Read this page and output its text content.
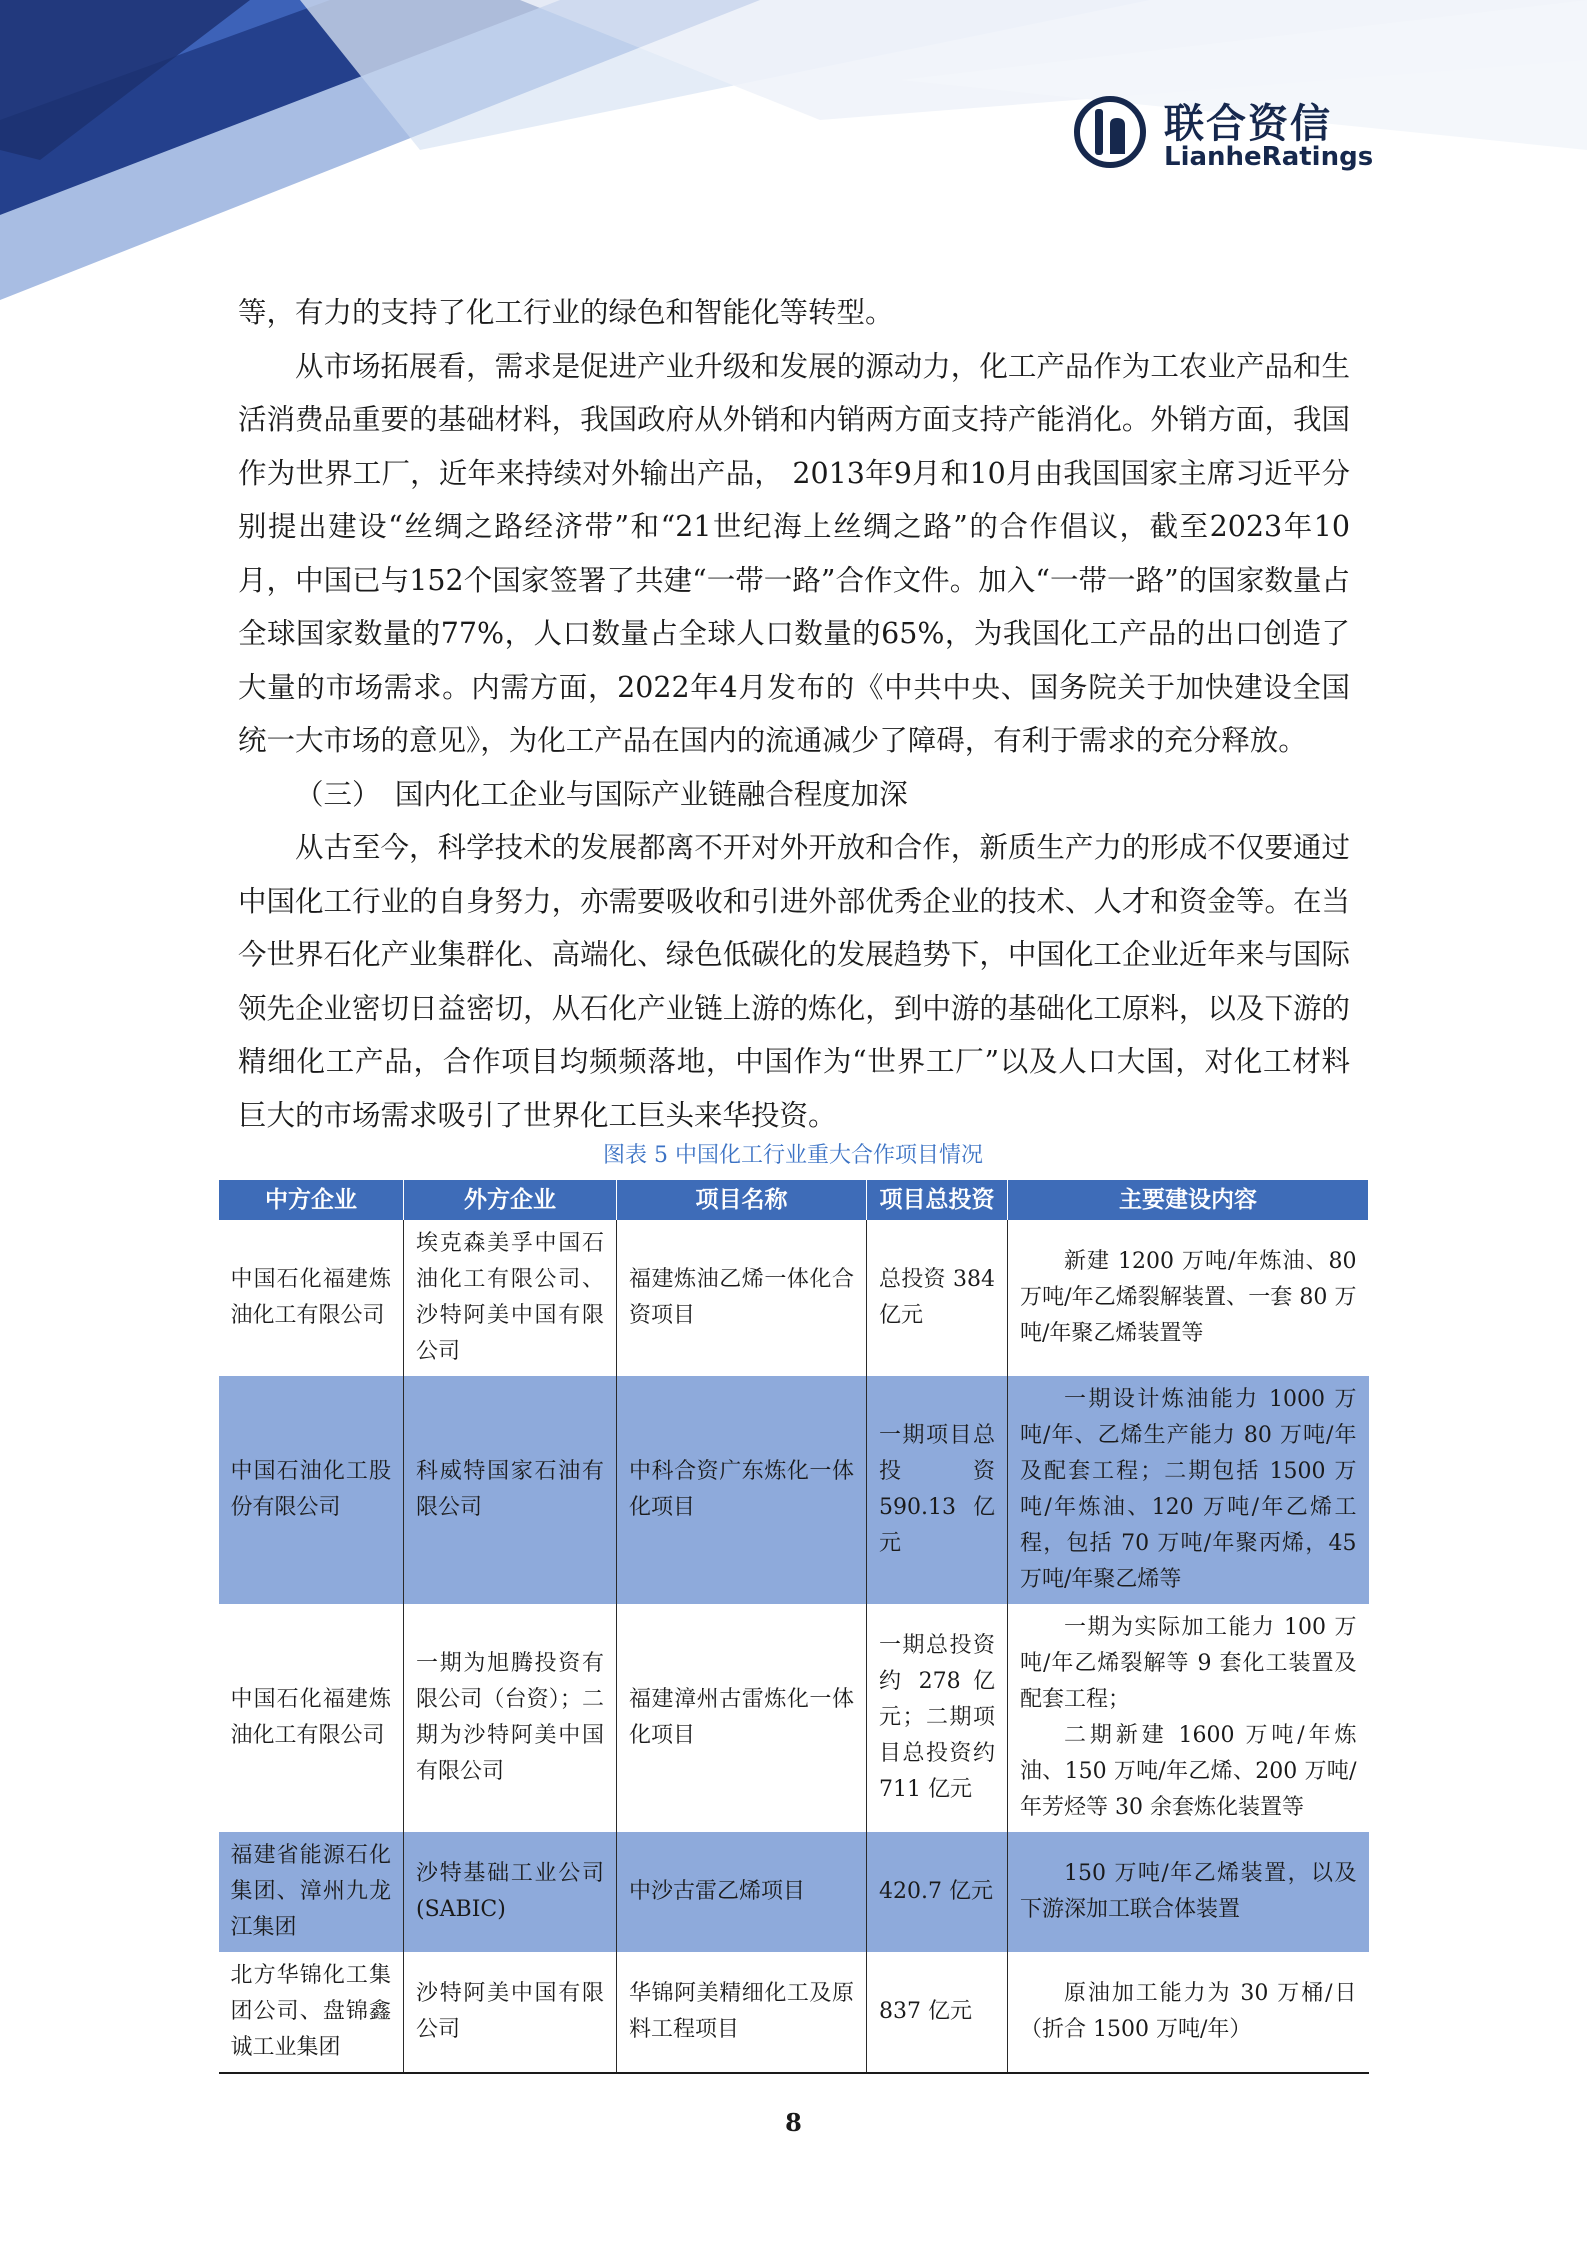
联合资信
LianheRatings

等，有力的支持了化工行业的绿色和智能化等转型。

从市场拓展看，需求是促进产业升级和发展的源动力，化工产品作为工农业产品和生活消费品重要的基础材料，我国政府从外销和内销两方面支持产能消化。外销方面，我国作为世界工厂，近年来持续对外输出产品， 2013年9月和10月由我国国家主席习近平分别提出建设“丝绸之路经济带”和“21世纪海上丝绸之路”的合作倡议，截至2023年10月，中国已与152个国家签署了共建“一带一路”合作文件。加入“一带一路”的国家数量占全球国家数量的77%，人口数量占全球人口数量的65%，为我国化工产品的出口创造了大量的市场需求。内需方面，2022年4月发布的《中共中央、国务院关于加快建设全国统一大市场的意见》，为化工产品在国内的流通减少了障碍，有利于需求的充分释放。

（三）　国内化工企业与国际产业链融合程度加深

从古至今，科学技术的发展都离不开对外开放和合作，新质生产力的形成不仅要通过中国化工行业的自身努力，亦需要吸收和引进外部优秀企业的技术、人才和资金等。在当今世界石化产业集群化、高端化、绿色低碳化的发展趋势下，中国化工企业近年来与国际领先企业密切日益密切，从石化产业链上游的炼化，到中游的基础化工原料，以及下游的精细化工产品，合作项目均频频落地，中国作为“世界工厂”以及人口大国，对化工材料巨大的市场需求吸引了世界化工巨头来华投资。

图表 5 中国化工行业重大合作项目情况
中方企业	外方企业	项目名称	项目总投资	主要建设内容
中国石化福建炼油化工有限公司	埃克森美孚中国石油化工有限公司、沙特阿美中国有限公司	福建炼油乙烯一体化合资项目	总投资 384亿元	新建 1200 万吨/年炼油、80 万吨/年乙烯裂解装置、一套 80 万吨/年聚乙烯装置等
中国石油化工股份有限公司	科威特国家石油有限公司	中科合资广东炼化一体化项目	一期项目总投资 590.13 亿元	一期设计炼油能力 1000 万吨/年、乙烯生产能力 80 万吨/年及配套工程；二期包括 1500 万吨/年炼油、120 万吨/年乙烯工程，包括 70 万吨/年聚丙烯，45 万吨/年聚乙烯等
中国石化福建炼油化工有限公司	一期为旭腾投资有限公司（台资）；二期为沙特阿美中国有限公司	福建漳州古雷炼化一体化项目	一期总投资约 278 亿元；二期项目总投资约 711 亿元	一期为实际加工能力 100 万吨/年乙烯裂解等 9 套化工装置及配套工程；
二期新建 1600 万吨/年炼油、150 万吨/年乙烯、200 万吨/年芳烃等 30 余套炼化装置等

福建省能源石化集团、漳州九龙江集团	沙特基础工业公司(SABIC)	中沙古雷乙烯项目	420.7 亿元	150 万吨/年乙烯装置，以及下游深加工联合体装置
北方华锦化工集团公司、盘锦鑫诚工业集团	沙特阿美中国有限公司	华锦阿美精细化工及原料工程项目	837 亿元	原油加工能力为 30 万桶/日（折合 1500 万吨/年）
8
